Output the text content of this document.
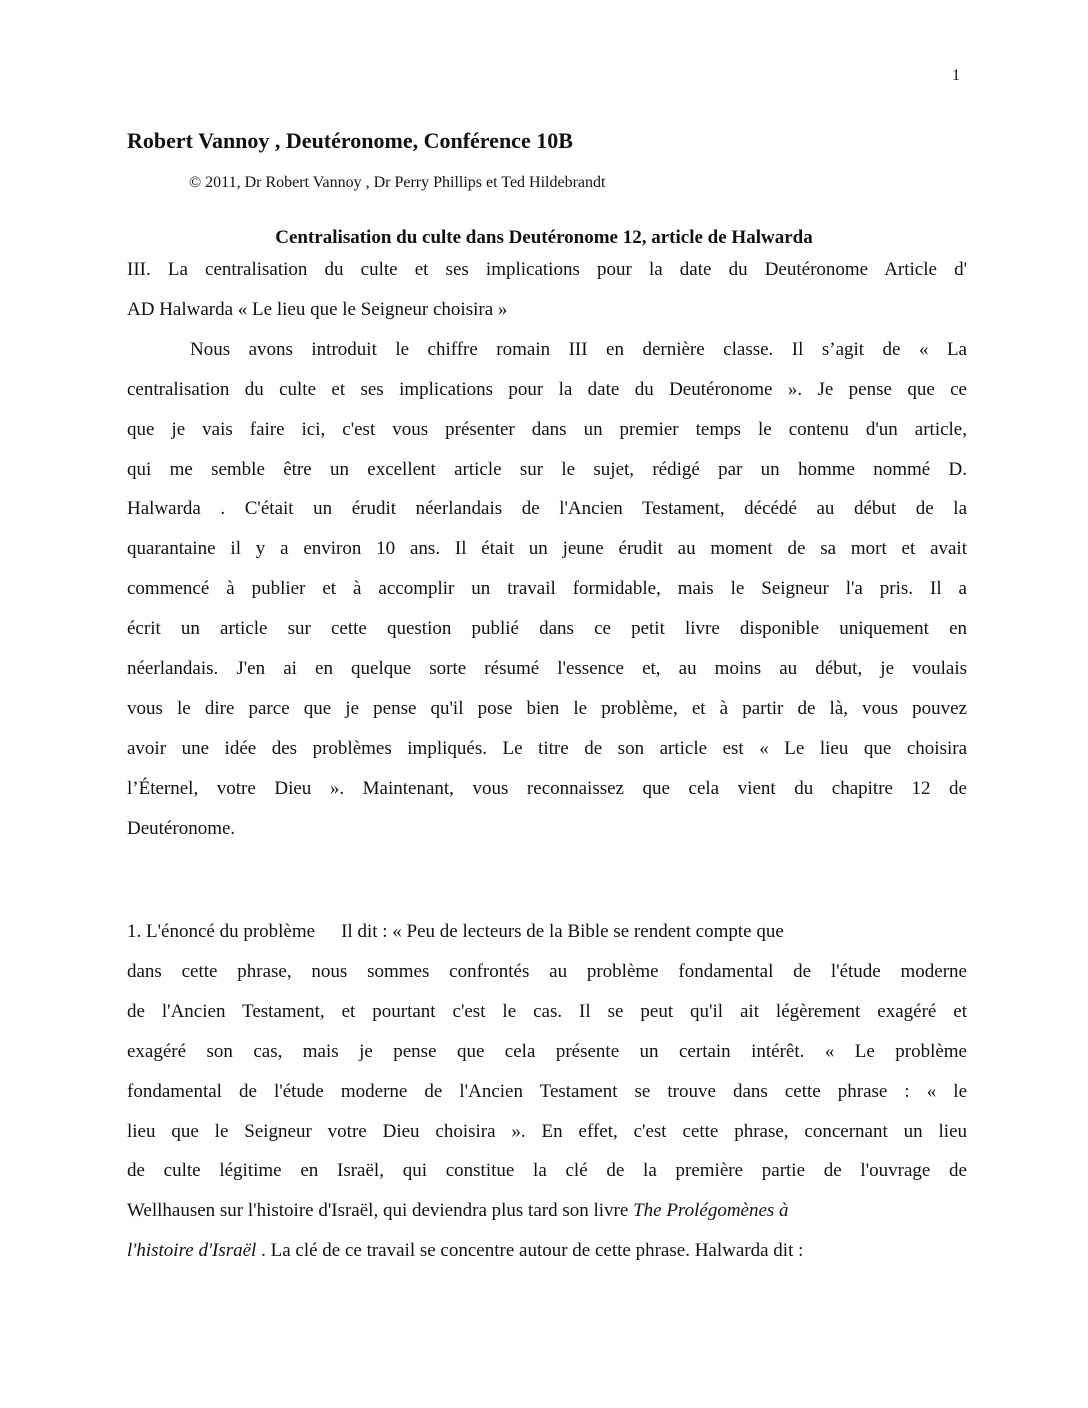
1
Robert Vannoy , Deutéronome, Conférence 10B
© 2011, Dr Robert Vannoy , Dr Perry Phillips et Ted Hildebrandt
Centralisation du culte dans Deutéronome 12, article de Halwarda
III. La centralisation du culte et ses implications pour la date du Deutéronome Article d'
AD Halwarda « Le lieu que le Seigneur choisira »
Nous avons introduit le chiffre romain III en dernière classe. Il s’agit de « La
centralisation du culte et ses implications pour la date du Deutéronome ». Je pense que ce
que je vais faire ici, c'est vous présenter dans un premier temps le contenu d'un article,
qui me semble être un excellent article sur le sujet, rédigé par un homme nommé D.
Halwarda . C'était un érudit néerlandais de l'Ancien Testament, décédé au début de la
quarantaine il y a environ 10 ans. Il était un jeune érudit au moment de sa mort et avait
commencé à publier et à accomplir un travail formidable, mais le Seigneur l'a pris. Il a
écrit un article sur cette question publié dans ce petit livre disponible uniquement en
néerlandais. J'en ai en quelque sorte résumé l'essence et, au moins au début, je voulais
vous le dire parce que je pense qu'il pose bien le problème, et à partir de là, vous pouvez
avoir une idée des problèmes impliqués. Le titre de son article est « Le lieu que choisira
l’Éternel, votre Dieu ». Maintenant, vous reconnaissez que cela vient du chapitre 12 de
Deutéronome.
1. L'énoncé du problème Il dit : « Peu de lecteurs de la Bible se rendent compte que
dans cette phrase, nous sommes confrontés au problème fondamental de l'étude moderne
de l'Ancien Testament, et pourtant c'est le cas. Il se peut qu'il ait légèrement exagéré et
exagéré son cas, mais je pense que cela présente un certain intérêt. « Le problème
fondamental de l'étude moderne de l'Ancien Testament se trouve dans cette phrase : « le
lieu que le Seigneur votre Dieu choisira ». En effet, c'est cette phrase, concernant un lieu
de culte légitime en Israël, qui constitue la clé de la première partie de l'ouvrage de
Wellhausen sur l'histoire d'Israël, qui deviendra plus tard son livre The Prolégomènes à
l'histoire d'Israël . La clé de ce travail se concentre autour de cette phrase. Halwarda dit :
